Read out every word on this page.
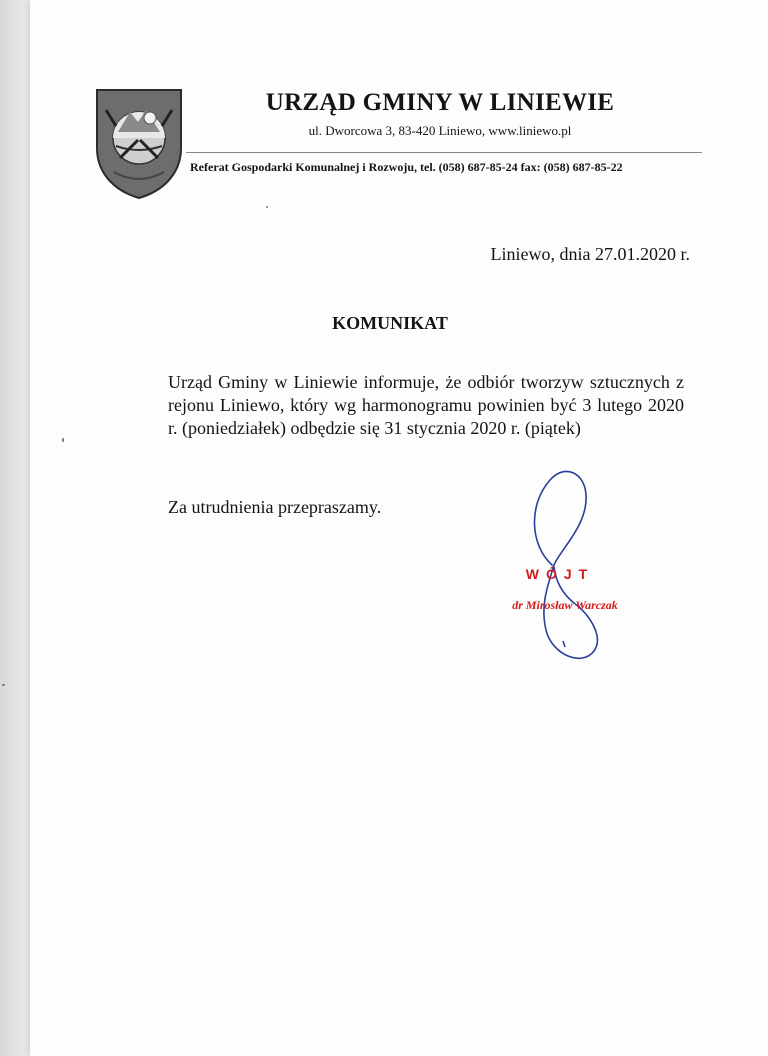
URZĄD GMINY W LINIEWIE
ul. Dworcowa 3, 83-420 Liniewo, www.liniewo.pl
Referat Gospodarki Komunalnej i Rozwoju, tel. (058) 687-85-24 fax: (058) 687-85-22
Liniewo, dnia 27.01.2020 r.
KOMUNIKAT
Urząd Gminy w Liniewie informuje, że odbiór tworzyw sztucznych z rejonu Liniewo, który wg harmonogramu powinien być 3 lutego 2020 r. (poniedziałek) odbędzie się 31 stycznia 2020 r. (piątek)
Za utrudnienia przepraszamy.
WÓJT
dr Mirosław Warczak
